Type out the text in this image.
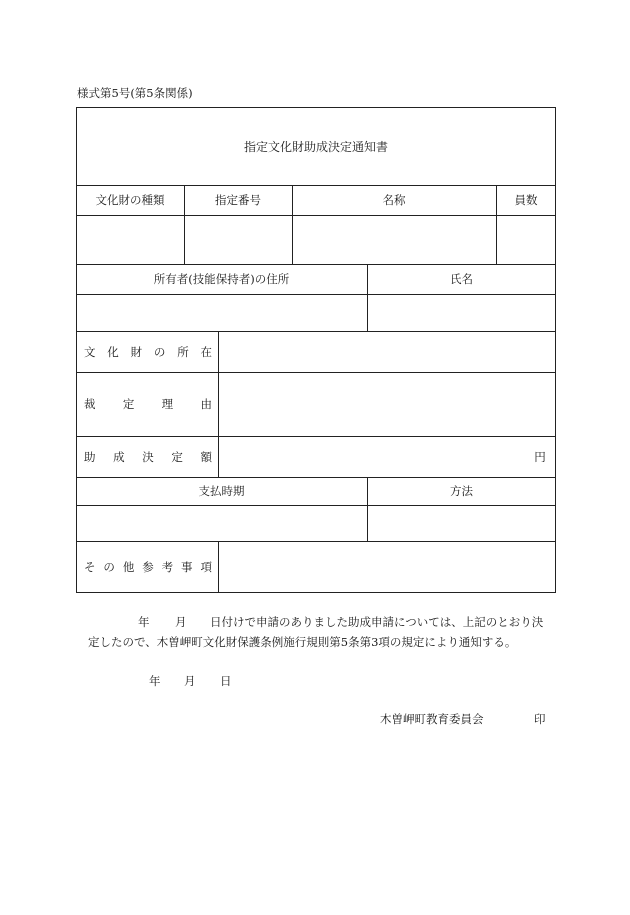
様式第5号(第5条関係)
指定文化財助成決定通知書
文化財の種類	指定番号	名称	員数
所有者(技能保持者)の住所	氏名
文 化 財 の 所 在
裁 定 理 由
助 成 決 定 額	円
支払時期	方法
そ の 他 参 考 事 項
年 月 日付けで申請のありました助成申請については、上記のとおり決
定したので、木曽岬町文化財保護条例施行規則第5条第3項の規定により通知する。
年 月 日
木曽岬町教育委員会	印
